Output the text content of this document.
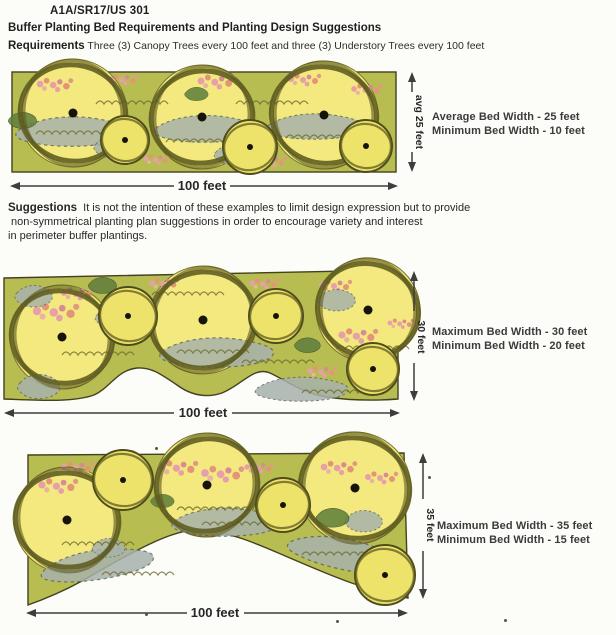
A1A/SR17/US 301
Buffer Planting Bed Requirements and Planting Design Suggestions
Requirements Three (3) Canopy Trees every 100 feet and three (3) Understory Trees every 100 feet
100 feet
avg 25 feet Average Bed Width - 25 feet
Minimum Bed Width - 10 feet
Suggestions It is not the intention of these examples to limit design expression but to provide
non-symmetrical planting plan suggestions in order to encourage variety and interest
in perimeter buffer plantings.
100 feet
30 feet Maximum Bed Width - 30 feet
Minimum Bed Width - 20 feet
100 feet
35 feet Maximum Bed Width - 35 feet
Minimum Bed Width - 15 feet
